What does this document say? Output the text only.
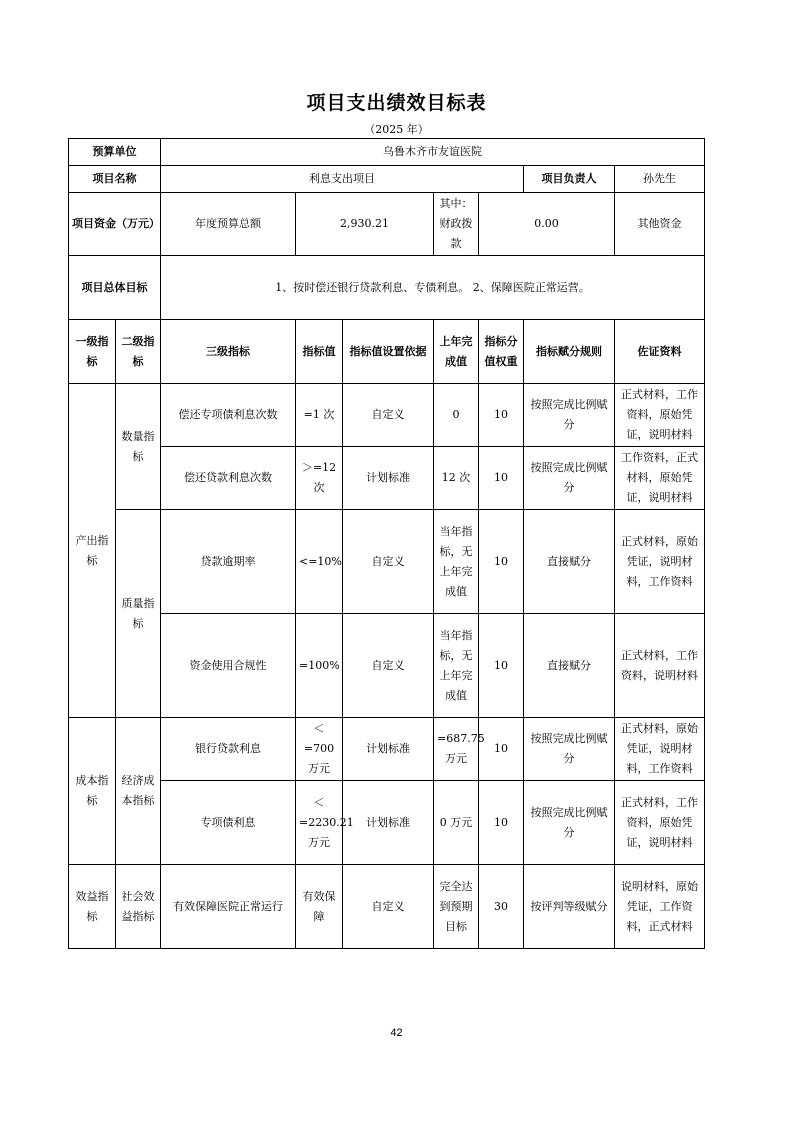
项目支出绩效目标表
（2025 年）
预算单位		乌鲁木齐市友谊医院							
项目名称		利息支出项目					项目负责人	孙先生	
项目资金（万元）		年度预算总额	2,930.21		其中：财政拨款	0.00		其他资金	
项目总体目标		1、按时偿还银行贷款利息、专债利息。 2、保障医院正常运营。							
一级指标	二级指标	三级指标	指标值	指标值设置依据	上年完成值	指标分值权重	指标赋分规则	佐证资料	
产出指标	数量指标	偿还专项债利息次数	=1 次	自定义	0	10	按照完成比例赋分	正式材料，工作资料，原始凭证，说明材料	
		偿还贷款利息次数	＞=12 次	计划标准	12 次	10	按照完成比例赋分	工作资料，正式材料，原始凭证，说明材料	
	质量指标	贷款逾期率	<=10%	自定义	当年指标，无上年完成值	10	直接赋分	正式材料，原始凭证，说明材料，工作资料	
		资金使用合规性	=100%	自定义	当年指标，无上年完成值	10	直接赋分	正式材料，工作资料，说明材料	
成本指标	经济成本指标	银行贷款利息	＜=700 万元	计划标准	=687.75 万元	10	按照完成比例赋分	正式材料，原始凭证，说明材料，工作资料	
		专项债利息	＜=2230.21 万元	计划标准	0 万元	10	按照完成比例赋分	正式材料，工作资料，原始凭证，说明材料	
效益指标	社会效益指标	有效保障医院正常运行	有效保障	自定义	完全达到预期目标	30	按评判等级赋分	说明材料，原始凭证，工作资料，正式材料	
42
